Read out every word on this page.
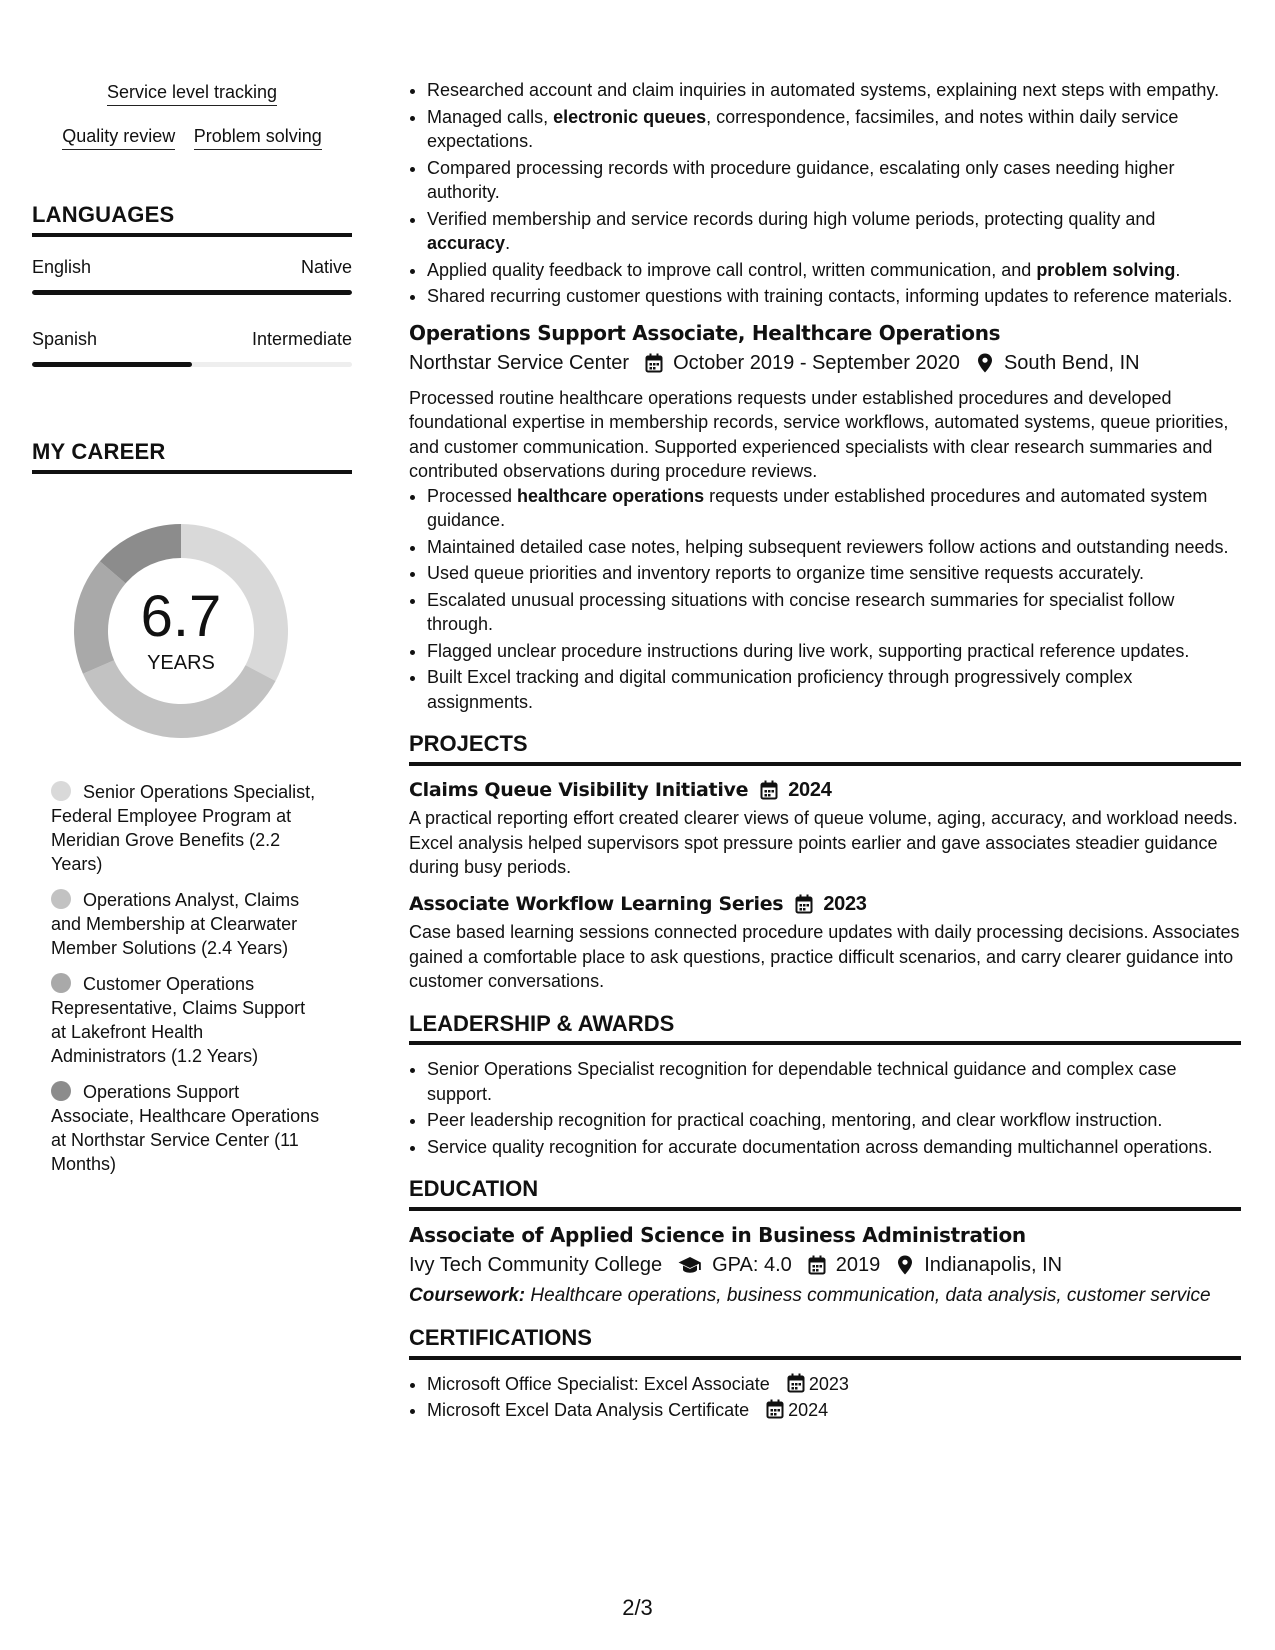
Service level tracking
Quality review Problem solving
LANGUAGES
English	Native
Spanish	Intermediate
MY CAREER
6.7
YEARS
Senior Operations Specialist, Federal Employee Program at Meridian Grove Benefits (2.2 Years)
Operations Analyst, Claims and Membership at Clearwater Member Solutions (2.4 Years)
Customer Operations Representative, Claims Support at Lakefront Health Administrators (1.2 Years)
Operations Support Associate, Healthcare Operations at Northstar Service Center (11 Months)
• Researched account and claim inquiries in automated systems, explaining next steps with empathy.
• Managed calls, electronic queues, correspondence, facsimiles, and notes within daily service expectations.
• Compared processing records with procedure guidance, escalating only cases needing higher authority.
• Verified membership and service records during high volume periods, protecting quality and accuracy.
• Applied quality feedback to improve call control, written communication, and problem solving.
• Shared recurring customer questions with training contacts, informing updates to reference materials.
Operations Support Associate, Healthcare Operations
Northstar Service Center October 2019 - September 2020 South Bend, IN
Processed routine healthcare operations requests under established procedures and developed foundational expertise in membership records, service workflows, automated systems, queue priorities, and customer communication. Supported experienced specialists with clear research summaries and contributed observations during procedure reviews.
• Processed healthcare operations requests under established procedures and automated system guidance.
• Maintained detailed case notes, helping subsequent reviewers follow actions and outstanding needs.
• Used queue priorities and inventory reports to organize time sensitive requests accurately.
• Escalated unusual processing situations with concise research summaries for specialist follow through.
• Flagged unclear procedure instructions during live work, supporting practical reference updates.
• Built Excel tracking and digital communication proficiency through progressively complex assignments.
PROJECTS
Claims Queue Visibility Initiative 2024
A practical reporting effort created clearer views of queue volume, aging, accuracy, and workload needs. Excel analysis helped supervisors spot pressure points earlier and gave associates steadier guidance during busy periods.
Associate Workflow Learning Series 2023
Case based learning sessions connected procedure updates with daily processing decisions. Associates gained a comfortable place to ask questions, practice difficult scenarios, and carry clearer guidance into customer conversations.
LEADERSHIP & AWARDS
• Senior Operations Specialist recognition for dependable technical guidance and complex case support.
• Peer leadership recognition for practical coaching, mentoring, and clear workflow instruction.
• Service quality recognition for accurate documentation across demanding multichannel operations.
EDUCATION
Associate of Applied Science in Business Administration
Ivy Tech Community College	GPA: 4.0 2019 Indianapolis, IN
Coursework: Healthcare operations, business communication, data analysis, customer service
CERTIFICATIONS
• Microsoft Office Specialist: Excel Associate 2023
• Microsoft Excel Data Analysis Certificate 2024
2/3
